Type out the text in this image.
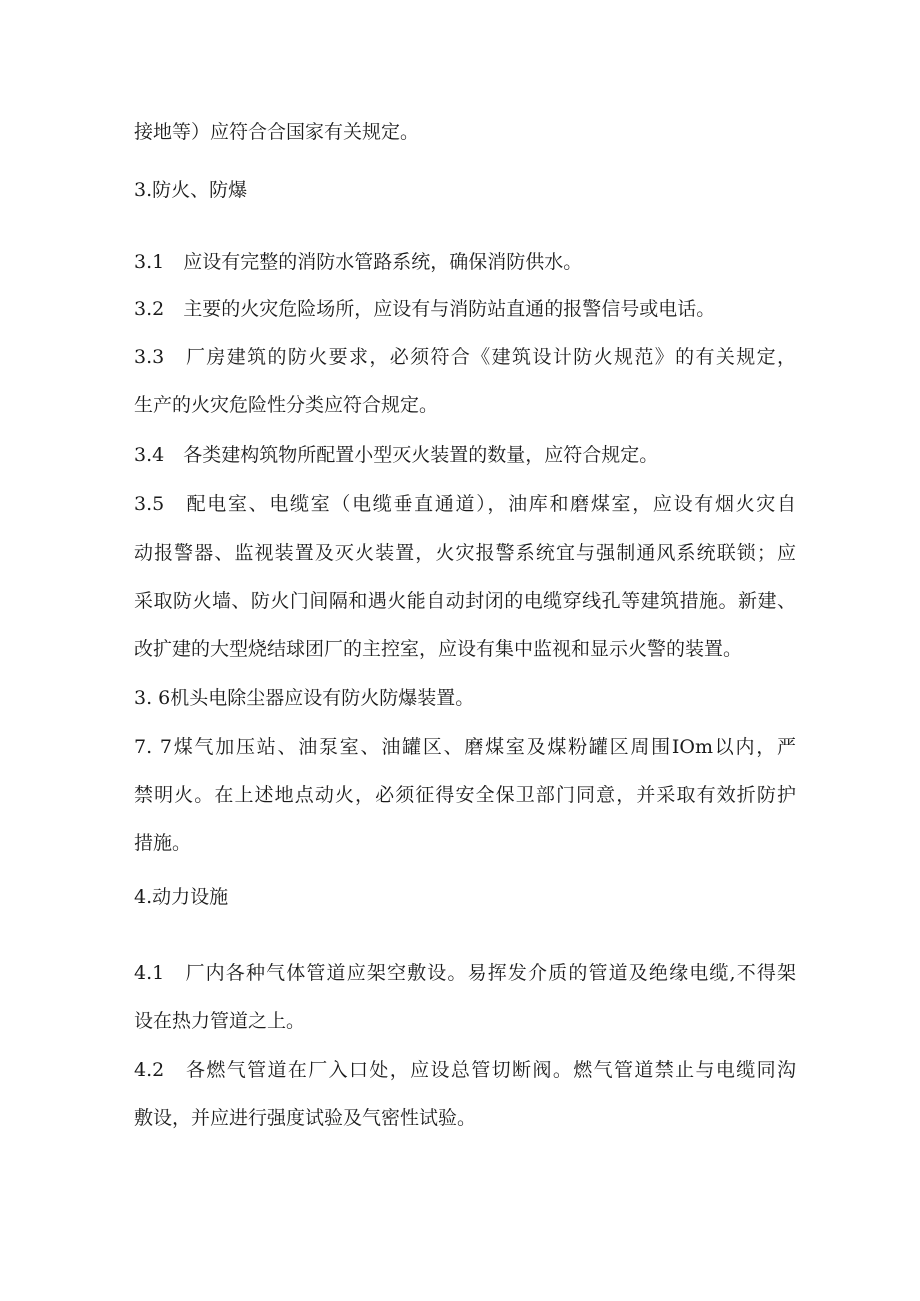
接地等）应符合合国家有关规定。
3.防火、防爆
3.1　应设有完整的消防水管路系统，确保消防供水。
3.2　主要的火灾危险场所，应设有与消防站直通的报警信号或电话。
3.3　厂房建筑的防火要求，必须符合《建筑设计防火规范》的有关规定，
生产的火灾危险性分类应符合规定。
3.4　各类建构筑物所配置小型灭火装置的数量，应符合规定。
3.5　配电室、电缆室（电缆垂直通道），油库和磨煤室，应设有烟火灾自
动报警器、监视装置及灭火装置，火灾报警系统宜与强制通风系统联锁；应
采取防火墙、防火门间隔和遇火能自动封闭的电缆穿线孔等建筑措施。新建、
改扩建的大型烧结球团厂的主控室，应设有集中监视和显示火警的装置。
3. 6机头电除尘器应设有防火防爆装置。
7. 7煤气加压站、油泵室、油罐区、磨煤室及煤粉罐区周围IOm以内，严
禁明火。在上述地点动火，必须征得安全保卫部门同意，并采取有效折防护
措施。
4.动力设施
4.1　厂内各种气体管道应架空敷设。易挥发介质的管道及绝缘电缆,不得架
设在热力管道之上。
4.2　各燃气管道在厂入口处，应设总管切断阀。燃气管道禁止与电缆同沟
敷设，并应进行强度试验及气密性试验。
